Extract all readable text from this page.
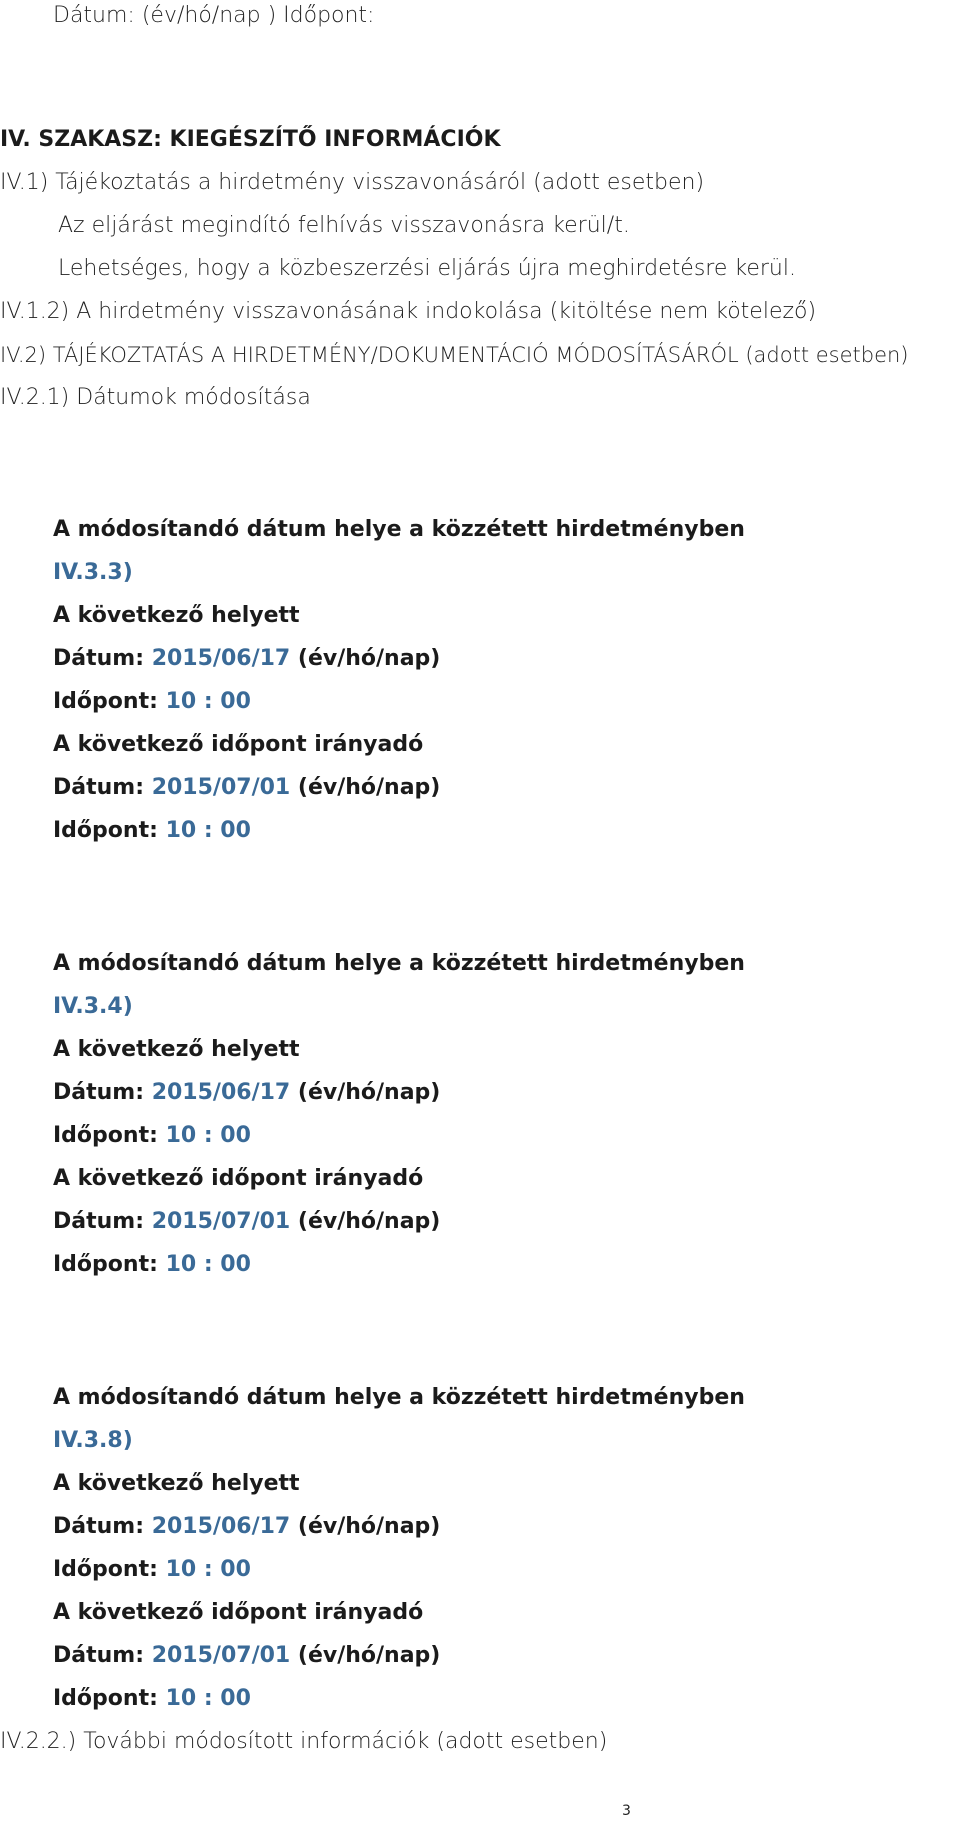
Dátum: (év/hó/nap ) Időpont:
IV. SZAKASZ: KIEGÉSZÍTŐ INFORMÁCIÓK
IV.1) Tájékoztatás a hirdetmény visszavonásáról (adott esetben)
Az eljárást megindító felhívás visszavonásra kerül/t.
Lehetséges, hogy a közbeszerzési eljárás újra meghirdetésre kerül.
IV.1.2) A hirdetmény visszavonásának indokolása (kitöltése nem kötelező)
IV.2) TÁJÉKOZTATÁS A HIRDETMÉNY/DOKUMENTÁCIÓ MÓDOSÍTÁSÁRÓL (adott esetben)
IV.2.1) Dátumok módosítása
A módosítandó dátum helye a közzétett hirdetményben
IV.3.3)
A következő helyett
Dátum: 2015/06/17 (év/hó/nap)
Időpont: 10 : 00
A következő időpont irányadó
Dátum: 2015/07/01 (év/hó/nap)
Időpont: 10 : 00
A módosítandó dátum helye a közzétett hirdetményben
IV.3.4)
A következő helyett
Dátum: 2015/06/17 (év/hó/nap)
Időpont: 10 : 00
A következő időpont irányadó
Dátum: 2015/07/01 (év/hó/nap)
Időpont: 10 : 00
A módosítandó dátum helye a közzétett hirdetményben
IV.3.8)
A következő helyett
Dátum: 2015/06/17 (év/hó/nap)
Időpont: 10 : 00
A következő időpont irányadó
Dátum: 2015/07/01 (év/hó/nap)
Időpont: 10 : 00
IV.2.2.) További módosított információk (adott esetben)
3
